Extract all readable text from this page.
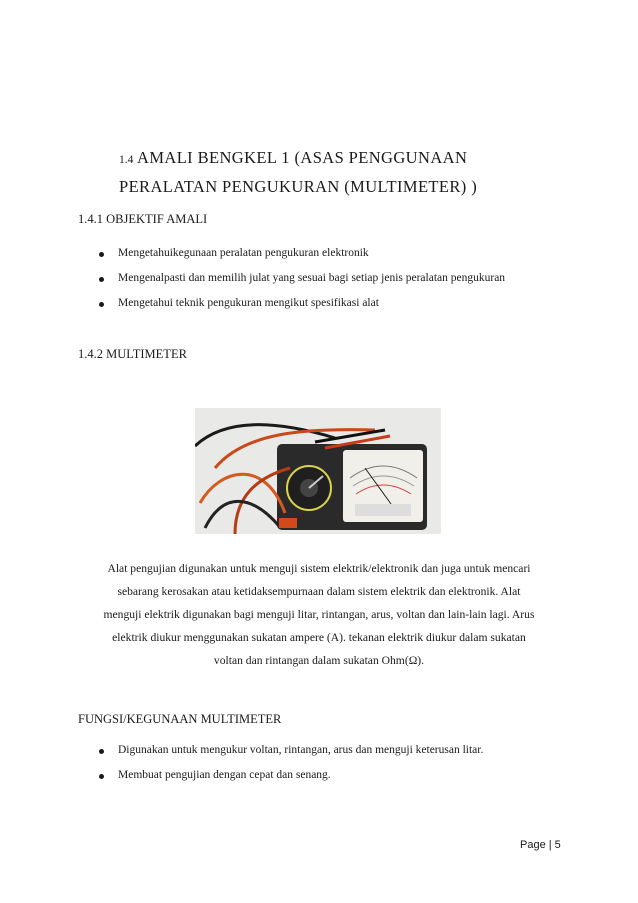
1.4 AMALI BENGKEL 1 (ASAS PENGGUNAAN
PERALATAN PENGUKURAN (MULTIMETER) )
1.4.1 OBJEKTIF AMALI
Mengetahuikegunaan peralatan pengukuran elektronik
Mengenalpasti dan memilih julat yang sesuai bagi setiap jenis peralatan pengukuran
Mengetahui teknik pengukuran mengikut spesifikasi alat
1.4.2 MULTIMETER

Alat pengujian digunakan untuk menguji sistem elektrik/elektronik dan juga untuk mencari

sebarang kerosakan atau ketidaksempurnaan dalam sistem elektrik dan elektronik. Alat

menguji elektrik digunakan bagi menguji litar, rintangan, arus, voltan dan lain-lain lagi. Arus

elektrik diukur menggunakan sukatan ampere (A). tekanan elektrik diukur dalam sukatan

voltan dan rintangan dalam sukatan Ohm(Ω).

FUNGSI/KEGUNAAN MULTIMETER
Digunakan untuk mengukur voltan, rintangan, arus dan menguji keterusan litar.
Membuat pengujian dengan cepat dan senang.
Page | 5
